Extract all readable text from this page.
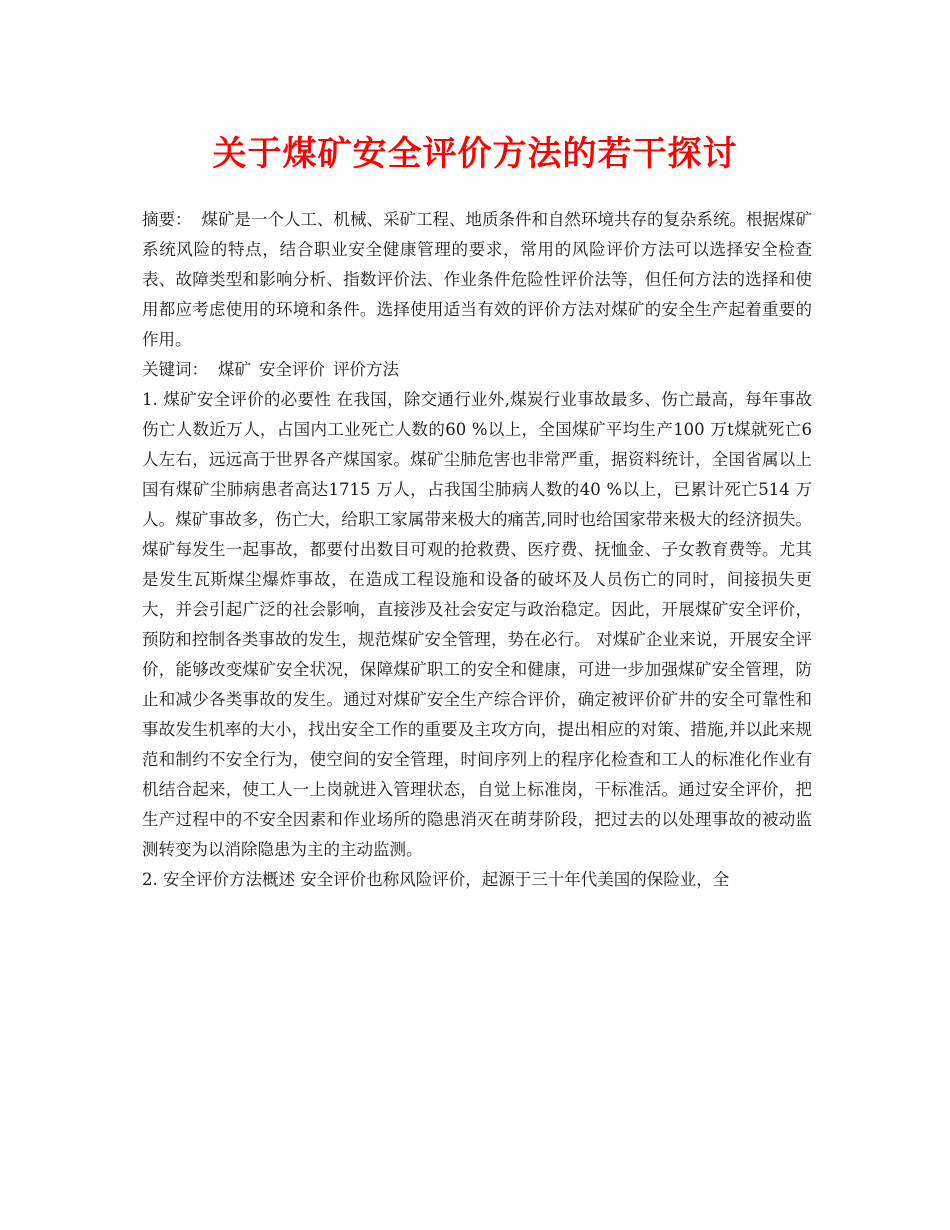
关于煤矿安全评价方法的若干探讨

摘要： 煤矿是一个人工、机械、采矿工程、地质条件和自然环境共存的复杂系统。根据煤矿系统风险的特点，结合职业安全健康管理的要求，常用的风险评价方法可以选择安全检查表、故障类型和影响分析、指数评价法、作业条件危险性评价法等，但任何方法的选择和使用都应考虑使用的环境和条件。选择使用适当有效的评价方法对煤矿的安全生产起着重要的作用。

关键词： 煤矿 安全评价 评价方法

1. 煤矿安全评价的必要性 在我国，除交通行业外,煤炭行业事故最多、伤亡最高，每年事故伤亡人数近万人，占国内工业死亡人数的60 %以上，全国煤矿平均生产100 万t煤就死亡6 人左右，远远高于世界各产煤国家。煤矿尘肺危害也非常严重，据资料统计，全国省属以上国有煤矿尘肺病患者高达1715 万人，占我国尘肺病人数的40 %以上，已累计死亡514 万人。煤矿事故多，伤亡大，给职工家属带来极大的痛苦,同时也给国家带来极大的经济损失。煤矿每发生一起事故，都要付出数目可观的抢救费、医疗费、抚恤金、子女教育费等。尤其是发生瓦斯煤尘爆炸事故，在造成工程设施和设备的破坏及人员伤亡的同时，间接损失更大，并会引起广泛的社会影响，直接涉及社会安定与政治稳定。因此，开展煤矿安全评价，预防和控制各类事故的发生，规范煤矿安全管理，势在必行。 对煤矿企业来说，开展安全评价，能够改变煤矿安全状况，保障煤矿职工的安全和健康，可进一步加强煤矿安全管理，防止和减少各类事故的发生。通过对煤矿安全生产综合评价，确定被评价矿井的安全可靠性和事故发生机率的大小，找出安全工作的重要及主攻方向，提出相应的对策、措施,并以此来规范和制约不安全行为，使空间的安全管理，时间序列上的程序化检查和工人的标准化作业有机结合起来，使工人一上岗就进入管理状态，自觉上标准岗，干标准活。通过安全评价，把生产过程中的不安全因素和作业场所的隐患消灭在萌芽阶段，把过去的以处理事故的被动监测转变为以消除隐患为主的主动监测。

2. 安全评价方法概述 安全评价也称风险评价，起源于三十年代美国的保险业，全
